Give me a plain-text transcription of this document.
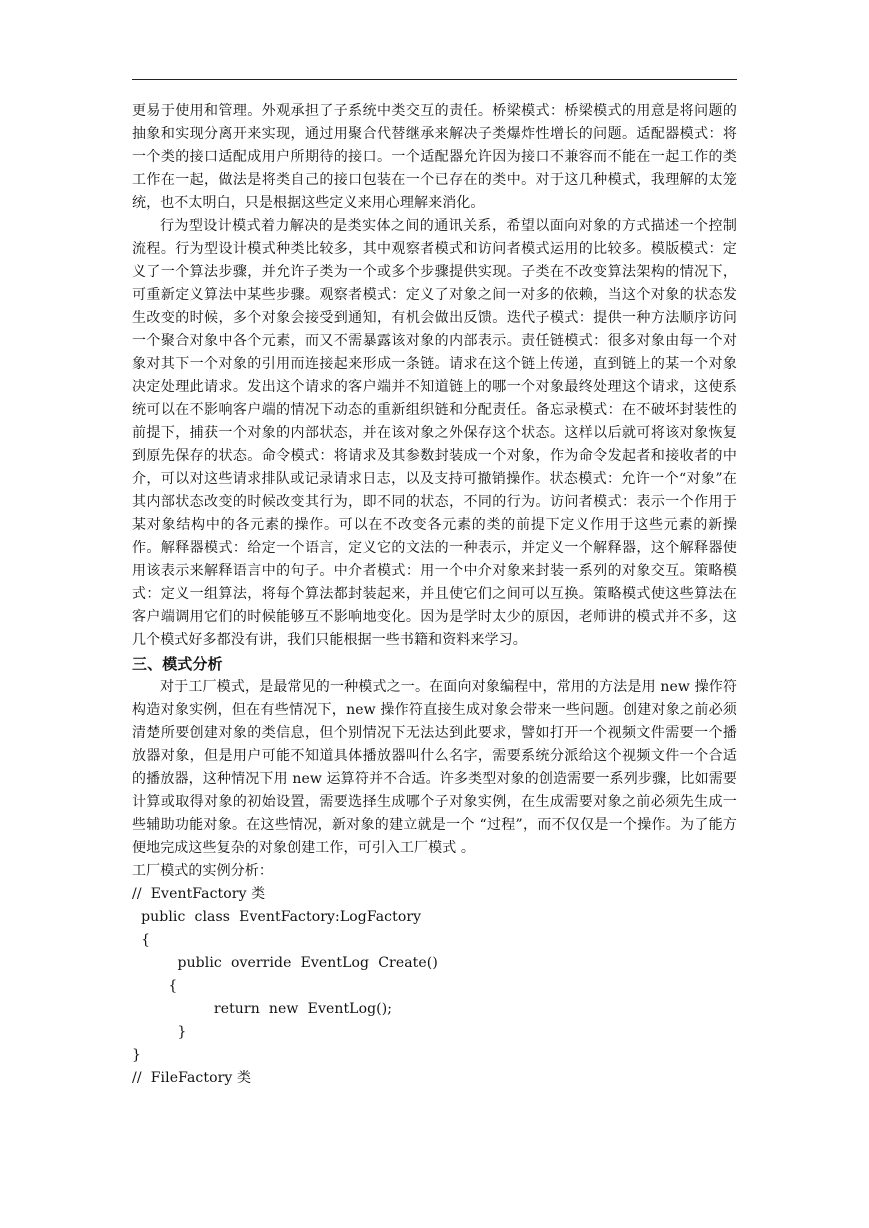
更易于使用和管理。外观承担了子系统中类交互的责任。桥梁模式：桥梁模式的用意是将问题的抽象和实现分离开来实现，通过用聚合代替继承来解决子类爆炸性增长的问题。适配器模式：将一个类的接口适配成用户所期待的接口。一个适配器允许因为接口不兼容而不能在一起工作的类工作在一起，做法是将类自己的接口包装在一个已存在的类中。对于这几种模式，我理解的太笼统，也不太明白，只是根据这些定义来用心理解来消化。

行为型设计模式着力解决的是类实体之间的通讯关系，希望以面向对象的方式描述一个控制流程。行为型设计模式种类比较多，其中观察者模式和访问者模式运用的比较多。模版模式：定义了一个算法步骤，并允许子类为一个或多个步骤提供实现。子类在不改变算法架构的情况下，可重新定义算法中某些步骤。观察者模式：定义了对象之间一对多的依赖，当这个对象的状态发生改变的时候，多个对象会接受到通知，有机会做出反馈。迭代子模式：提供一种方法顺序访问一个聚合对象中各个元素，而又不需暴露该对象的内部表示。责任链模式：很多对象由每一个对象对其下一个对象的引用而连接起来形成一条链。请求在这个链上传递，直到链上的某一个对象决定处理此请求。发出这个请求的客户端并不知道链上的哪一个对象最终处理这个请求，这使系统可以在不影响客户端的情况下动态的重新组织链和分配责任。备忘录模式：在不破坏封装性的前提下，捕获一个对象的内部状态，并在该对象之外保存这个状态。这样以后就可将该对象恢复到原先保存的状态。命令模式：将请求及其参数封装成一个对象，作为命令发起者和接收者的中介，可以对这些请求排队或记录请求日志，以及支持可撤销操作。状态模式：允许一个“对象”在其内部状态改变的时候改变其行为，即不同的状态，不同的行为。访问者模式：表示一个作用于某对象结构中的各元素的操作。可以在不改变各元素的类的前提下定义作用于这些元素的新操作。解释器模式：给定一个语言，定义它的文法的一种表示，并定义一个解释器，这个解释器使用该表示来解释语言中的句子。中介者模式：用一个中介对象来封装一系列的对象交互。策略模式：定义一组算法，将每个算法都封装起来，并且使它们之间可以互换。策略模式使这些算法在客户端调用它们的时候能够互不影响地变化。因为是学时太少的原因，老师讲的模式并不多，这几个模式好多都没有讲，我们只能根据一些书籍和资料来学习。

三、模式分析

对于工厂模式，是最常见的一种模式之一。在面向对象编程中，常用的方法是用 new 操作符构造对象实例，但在有些情况下，new 操作符直接生成对象会带来一些问题。创建对象之前必须清楚所要创建对象的类信息，但个别情况下无法达到此要求，譬如打开一个视频文件需要一个播放器对象，但是用户可能不知道具体播放器叫什么名字，需要系统分派给这个视频文件一个合适的播放器，这种情况下用 new 运算符并不合适。许多类型对象的创造需要一系列步骤，比如需要计算或取得对象的初始设置，需要选择生成哪个子对象实例，在生成需要对象之前必须先生成一些辅助功能对象。在这些情况，新对象的建立就是一个 “过程”，而不仅仅是一个操作。为了能方便地完成这些复杂的对象创建工作，可引入工厂模式 。

工厂模式的实例分析：

//  EventFactory 类

public  class  EventFactory:LogFactory

{

public  override  EventLog  Create()

{

return  new  EventLog();

}

}

//  FileFactory 类
